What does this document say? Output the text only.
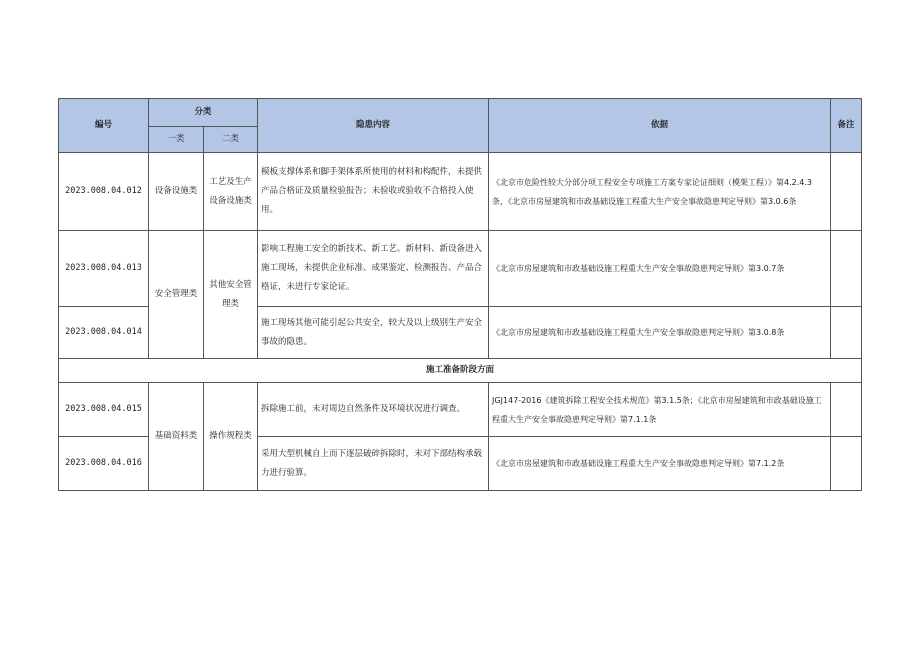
编号	分类		隐患内容	依据	备注
	一类	二类			
2023.008.04.012	设备设施类	工艺及生产设备设施类	模板支撑体系和脚手架体系所使用的材料和构配件，未提供产品合格证及质量检验报告；未验收或验收不合格投入使用。	《北京市危险性较大分部分项工程安全专项施工方案专家论证细则（模架工程）》第4.2.4.3条，《北京市房屋建筑和市政基础设施工程重大生产安全事故隐患判定导则》第3.0.6条	
2023.008.04.013	安全管理类	其他安全管理类	影响工程施工安全的新技术、新工艺、新材料、新设备进入施工现场，未提供企业标准、成果鉴定、检测报告、产品合格证，未进行专家论证。	《北京市房屋建筑和市政基础设施工程重大生产安全事故隐患判定导则》第3.0.7条	
2023.008.04.014			施工现场其他可能引起公共安全，较大及以上级别生产安全事故的隐患。	《北京市房屋建筑和市政基础设施工程重大生产安全事故隐患判定导则》第3.0.8条	
施工准备阶段方面					
2023.008.04.015	基础资料类	操作规程类	拆除施工前，未对周边自然条件及环境状况进行调查。	JGJ147-2016《建筑拆除工程安全技术规范》第3.1.5条；《北京市房屋建筑和市政基础设施工程重大生产安全事故隐患判定导则》第7.1.1条	
2023.008.04.016			采用大型机械自上而下逐层破碎拆除时，未对下部结构承载力进行验算。	《北京市房屋建筑和市政基础设施工程重大生产安全事故隐患判定导则》第7.1.2条	
